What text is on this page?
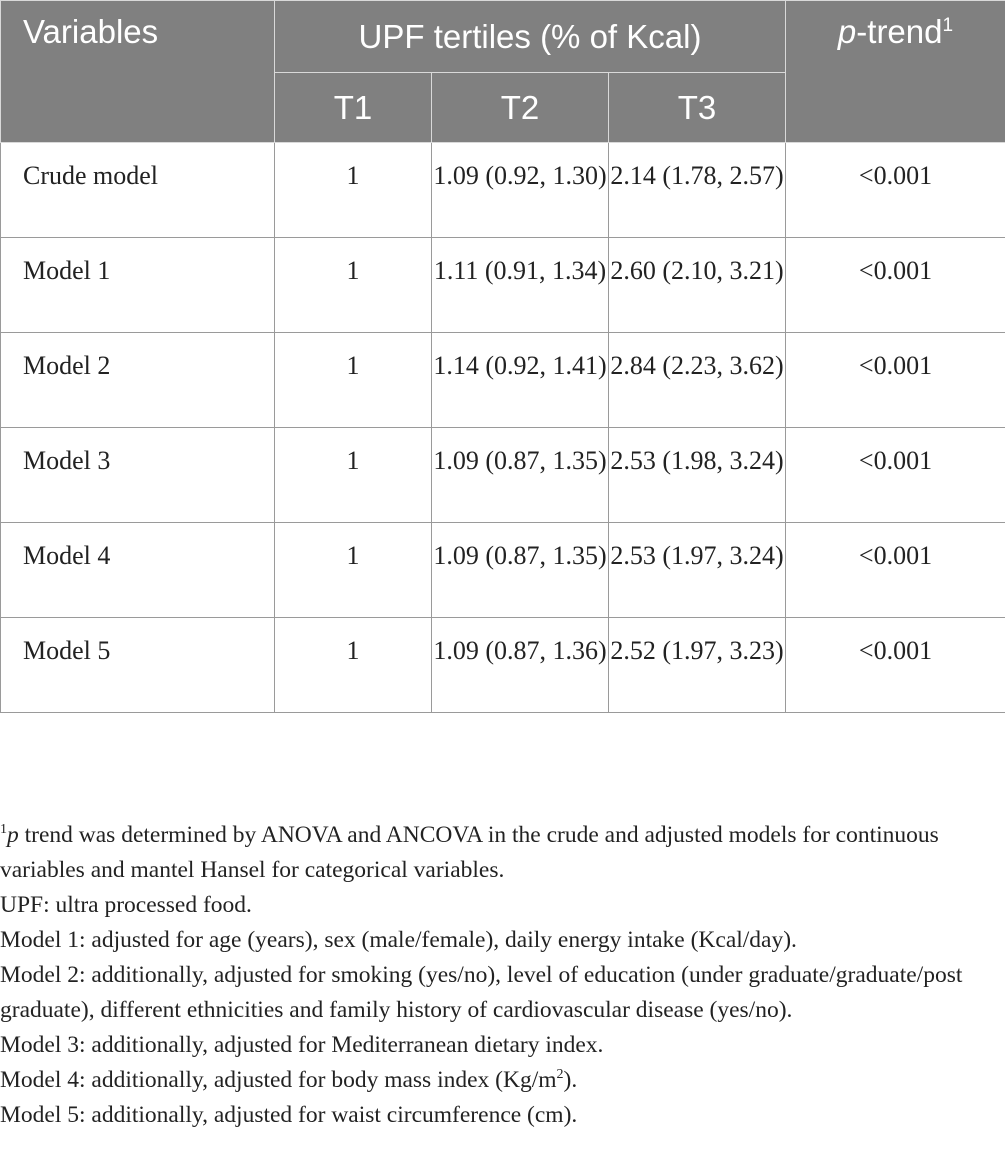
Variables	UPF tertiles (% of Kcal)			p-trend$^1$
	T1	T2	T3	
Crude model	1	1.09 (0.92, 1.30)	2.14 (1.78, 2.57)	<0.001
Model 1	1	1.11 (0.91, 1.34)	2.60 (2.10, 3.21)	<0.001
Model 2	1	1.14 (0.92, 1.41)	2.84 (2.23, 3.62)	<0.001
Model 3	1	1.09 (0.87, 1.35)	2.53 (1.98, 3.24)	<0.001
Model 4	1	1.09 (0.87, 1.35)	2.53 (1.97, 3.24)	<0.001
Model 5	1	1.09 (0.87, 1.36)	2.52 (1.97, 3.23)	<0.001

$^1$p trend was determined by ANOVA and ANCOVA in the crude and adjusted models for continuous variables and mantel Hansel for categorical variables.

UPF: ultra processed food.

Model 1: adjusted for age (years), sex (male/female), daily energy intake (Kcal/day).

Model 2: additionally, adjusted for smoking (yes/no), level of education (under graduate/graduate/post graduate), different ethnicities and family history of cardiovascular disease (yes/no).

Model 3: additionally, adjusted for Mediterranean dietary index.

Model 4: additionally, adjusted for body mass index $(Kg/m^2)$.

Model 5: additionally, adjusted for waist circumference (cm).
